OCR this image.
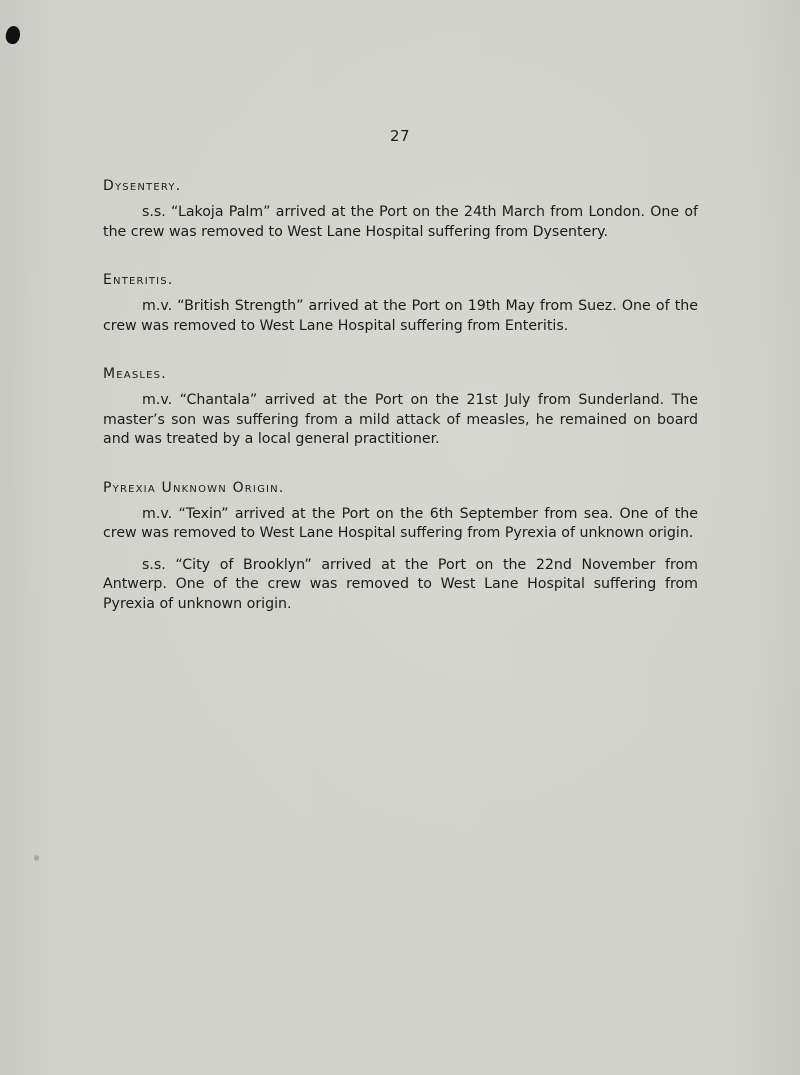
27
Dysentery.

s.s. “Lakoja Palm” arrived at the Port on the 24th March from London. One of the crew was removed to West Lane Hospital suffering from Dysentery.

Enteritis.

m.v. “British Strength” arrived at the Port on 19th May from Suez. One of the crew was removed to West Lane Hospital suffering from Enteritis.

Measles.

m.v. “Chantala” arrived at the Port on the 21st July from Sunderland. The master’s son was suffering from a mild attack of measles, he remained on board and was treated by a local general practitioner.

Pyrexia Unknown Origin.

m.v. “Texin” arrived at the Port on the 6th September from sea. One of the crew was removed to West Lane Hospital suffering from Pyrexia of unknown origin.

s.s. “City of Brooklyn” arrived at the Port on the 22nd November from Antwerp. One of the crew was removed to West Lane Hospital suffering from Pyrexia of unknown origin.
